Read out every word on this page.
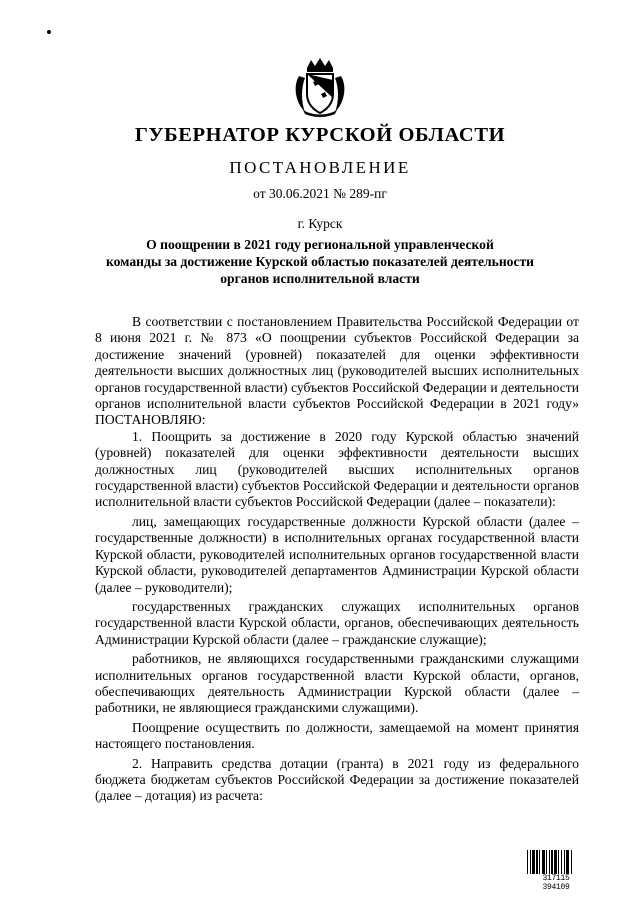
ГУБЕРНАТОР КУРСКОЙ ОБЛАСТИ
ПОСТАНОВЛЕНИЕ
от 30.06.2021 № 289-пг
г. Курск
О поощрении в 2021 году региональной управленческой
команды за достижение Курской областью показателей деятельности
органов исполнительной власти

В соответствии с постановлением Правительства Российской Федерации от 8 июня 2021 г. № 873 «О поощрении субъектов Российской Федерации за достижение значений (уровней) показателей для оценки эффективности деятельности высших должностных лиц (руководителей высших исполнительных органов государственной власти) субъектов Российской Федерации и деятельности органов исполнительной власти субъектов Российской Федерации в 2021 году» ПОСТАНОВЛЯЮ:

1. Поощрить за достижение в 2020 году Курской областью значений (уровней) показателей для оценки эффективности деятельности высших должностных лиц (руководителей высших исполнительных органов государственной власти) субъектов Российской Федерации и деятельности органов исполнительной власти субъектов Российской Федерации (далее – показатели):

лиц, замещающих государственные должности Курской области (далее – государственные должности) в исполнительных органах государственной власти Курской области, руководителей исполнительных органов государственной власти Курской области, руководителей департаментов Администрации Курской области (далее – руководители);

государственных гражданских служащих исполнительных органов государственной власти Курской области, органов, обеспечивающих деятельность Администрации Курской области (далее – гражданские служащие);

работников, не являющихся государственными гражданскими служащими исполнительных органов государственной власти Курской области, органов, обеспечивающих деятельность Администрации Курской области (далее – работники, не являющиеся гражданскими служащими).

Поощрение осуществить по должности, замещаемой на момент принятия настоящего постановления.

2. Направить средства дотации (гранта) в 2021 году из федерального бюджета бюджетам субъектов Российской Федерации за достижение показателей (далее – дотация) из расчета:

317115 394109
